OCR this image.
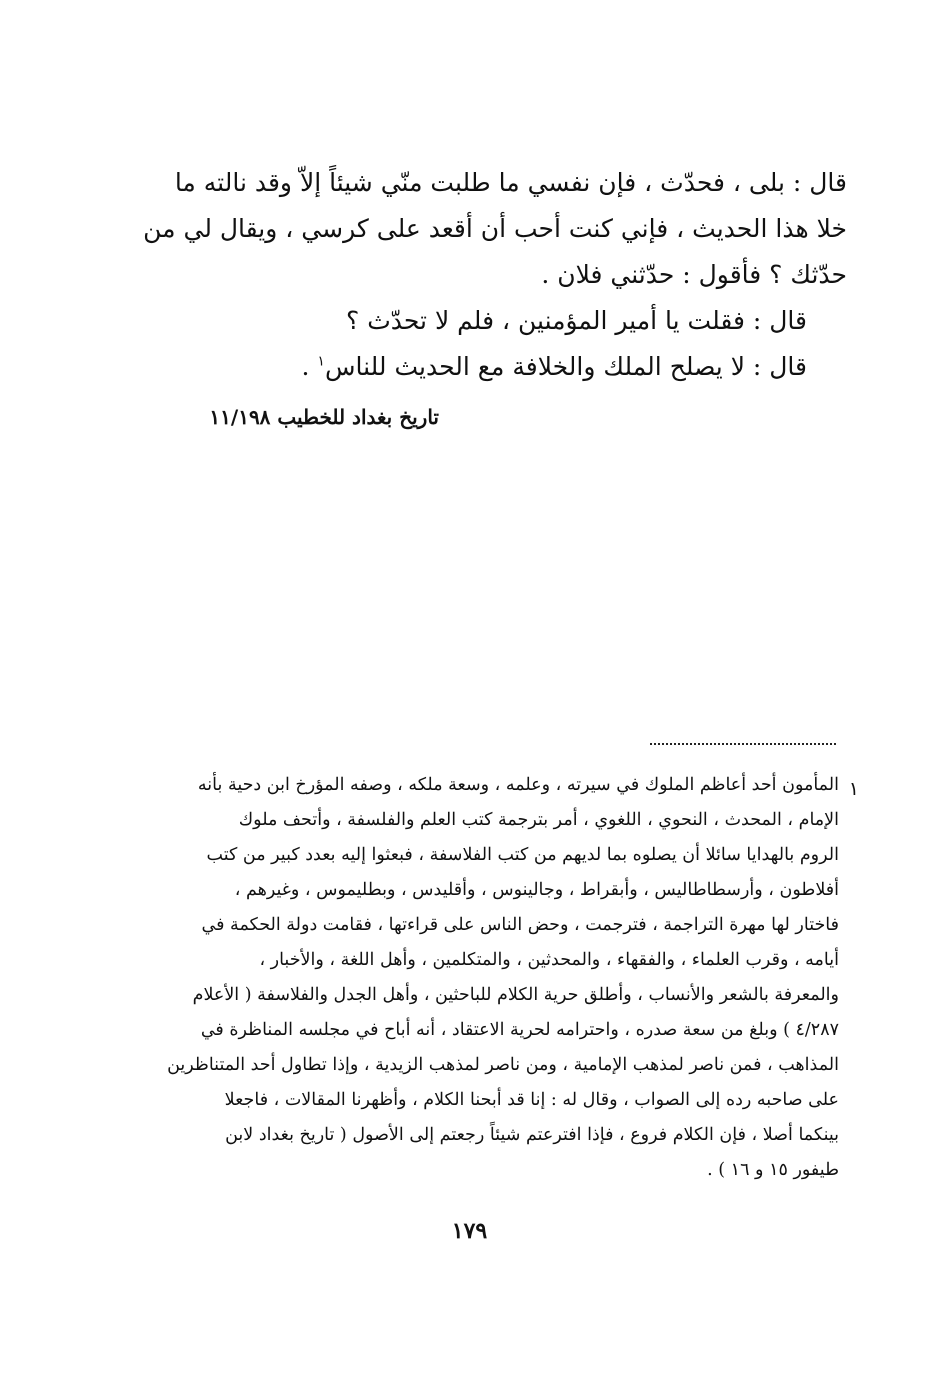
قال : بلى ، فحدّث ، فإن نفسي ما طلبت منّي شيئاً إلاّ وقد نالته ما

خلا هذا الحديث ، فإني كنت أحب أن أقعد على كرسي ، ويقال لي من

حدّثك ؟ فأقول : حدّثني فلان .

قال : فقلت يا أمير المؤمنين ، فلم لا تحدّث ؟

قال : لا يصلح الملك والخلافة مع الحديث للناس$^١$ .

تاريخ بغداد للخطيب ١١/١٩٨
١

المأمون أحد أعاظم الملوك في سيرته ، وعلمه ، وسعة ملكه ، وصفه المؤرخ ابن دحية بأنه

الإمام ، المحدث ، النحوي ، اللغوي ، أمر بترجمة كتب العلم والفلسفة ، وأتحف ملوك

الروم بالهدايا سائلا أن يصلوه بما لديهم من كتب الفلاسفة ، فبعثوا إليه بعدد كبير من كتب

أفلاطون ، وأرسطاطاليس ، وأبقراط ، وجالينوس ، وأقليدس ، وبطليموس ، وغيرهم ،

فاختار لها مهرة التراجمة ، فترجمت ، وحض الناس على قراءتها ، فقامت دولة الحكمة في

أيامه ، وقرب العلماء ، والفقهاء ، والمحدثين ، والمتكلمين ، وأهل اللغة ، والأخبار ،

والمعرفة بالشعر والأنساب ، وأطلق حرية الكلام للباحثين ، وأهل الجدل والفلاسفة ( الأعلام

٤/٢٨٧ ) وبلغ من سعة صدره ، واحترامه لحرية الاعتقاد ، أنه أباح في مجلسه المناظرة في

المذاهب ، فمن ناصر لمذهب الإمامية ، ومن ناصر لمذهب الزيدية ، وإذا تطاول أحد المتناظرين

على صاحبه رده إلى الصواب ، وقال له : إنا قد أبحنا الكلام ، وأظهرنا المقالات ، فاجعلا

بينكما أصلا ، فإن الكلام فروع ، فإذا افترعتم شيئاً رجعتم إلى الأصول ( تاريخ بغداد لابن

طيفور ١٥ و ١٦ ) .

١٧٩
